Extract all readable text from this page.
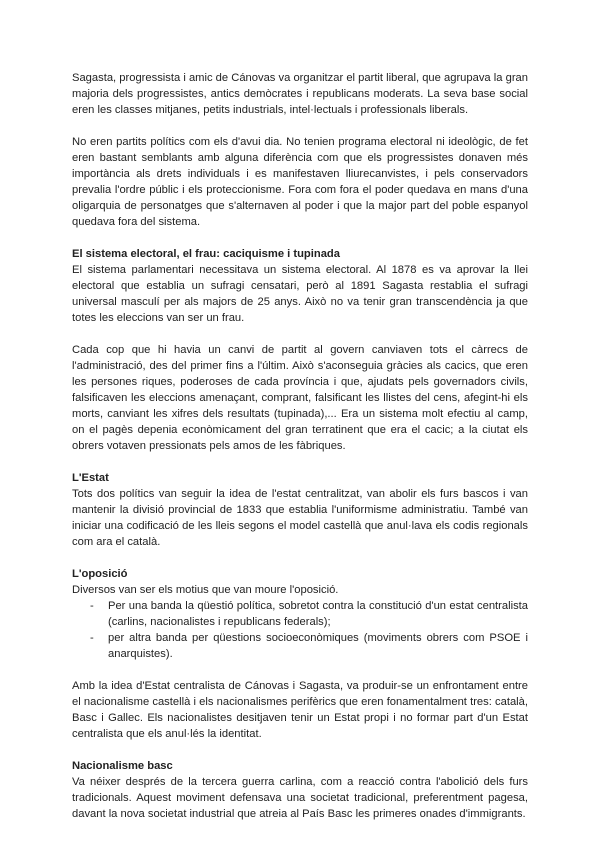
Sagasta, progressista i amic de Cánovas va organitzar el partit liberal, que agrupava la gran majoria dels progressistes, antics demòcrates i republicans moderats. La seva base social eren les classes mitjanes, petits industrials, intel·lectuals i professionals liberals.

No eren partits polítics com els d'avui dia. No tenien programa electoral ni ideològic, de fet eren bastant semblants amb alguna diferència com que els progressistes donaven més importància als drets individuals i es manifestaven lliurecanvistes, i pels conservadors prevalia l'ordre públic i els proteccionisme. Fora com fora el poder quedava en mans d'una oligarquia de personatges que s'alternaven al poder i que la major part del poble espanyol quedava fora del sistema.

El sistema electoral, el frau: caciquisme i tupinada

El sistema parlamentari necessitava un sistema electoral. Al 1878 es va aprovar la llei electoral que establia un sufragi censatari, però al 1891 Sagasta restablia el sufragi universal masculí per als majors de 25 anys. Això no va tenir gran transcendència ja que totes les eleccions van ser un frau.

Cada cop que hi havia un canvi de partit al govern canviaven tots el càrrecs de l'administració, des del primer fins a l'últim. Això s'aconseguia gràcies als cacics, que eren les persones riques, poderoses de cada província i que, ajudats pels governadors civils, falsificaven les eleccions amenaçant, comprant, falsificant les llistes del cens, afegint-hi els morts, canviant les xifres dels resultats (tupinada),... Era un sistema molt efectiu al camp, on el pagès depenia econòmicament del gran terratinent que era el cacic; a la ciutat els obrers votaven pressionats pels amos de les fàbriques.

L'Estat

Tots dos polítics van seguir la idea de l'estat centralitzat, van abolir els furs bascos i van mantenir la divisió provincial de 1833 que establia l'uniformisme administratiu. També van iniciar una codificació de les lleis segons el model castellà que anul·lava els codis regionals com ara el català.

L'oposició

Diversos van ser els motius que van moure l'oposició.

- Per una banda la qüestió política, sobretot contra la constitució d'un estat centralista (carlins, nacionalistes i republicans federals);
- per altra banda per qüestions socioeconòmiques (moviments obrers com PSOE i anarquistes).

Amb la idea d'Estat centralista de Cánovas i Sagasta, va produir-se un enfrontament entre el nacionalisme castellà i els nacionalismes perifèrics que eren fonamentalment tres: català, Basc i Gallec. Els nacionalistes desitjaven tenir un Estat propi i no formar part d'un Estat centralista que els anul·lés la identitat.

Nacionalisme basc

Va néixer després de la tercera guerra carlina, com a reacció contra l'abolició dels furs tradicionals. Aquest moviment defensava una societat tradicional, preferentment pagesa, davant la nova societat industrial que atreia al País Basc les primeres onades d'immigrants.
